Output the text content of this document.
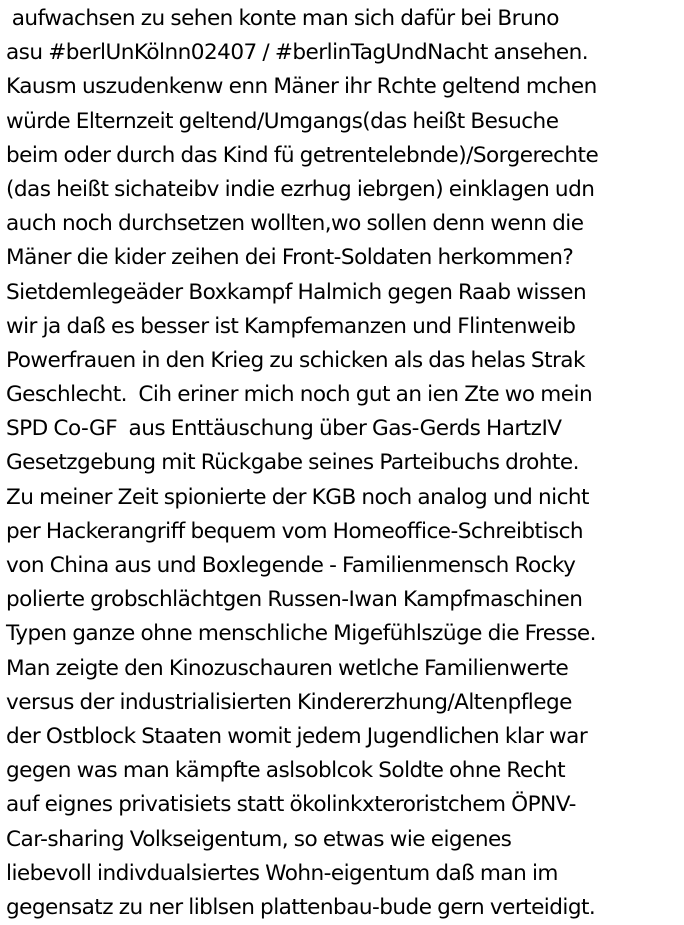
aufwachsen zu sehen konte man sich dafür bei Bruno
asu #berlUnKölnn02407 / #berlinTagUndNacht ansehen.
Kausm uszudenkenw enn Mäner ihr Rchte geltend mchen
würde Elternzeit geltend/Umgangs(das heißt Besuche
beim oder durch das Kind fü getrentelebnde)/Sorgerechte
(das heißt sichateibv indie ezrhug iebrgen) einklagen udn
auch noch durchsetzen wollten,wo sollen denn wenn die
Mäner die kider zeihen dei Front-Soldaten herkommen?
Sietdemlegeäder Boxkampf Halmich gegen Raab wissen
wir ja daß es besser ist Kampfemanzen und Flintenweib
Powerfrauen in den Krieg zu schicken als das helas Strak
Geschlecht.  Cih eriner mich noch gut an ien Zte wo mein
SPD Co-GF  aus Enttäuschung über Gas-Gerds HartzIV
Gesetzgebung mit Rückgabe seines Parteibuchs drohte.
Zu meiner Zeit spionierte der KGB noch analog und nicht
per Hackerangriff bequem vom Homeoffice-Schreibtisch
von China aus und Boxlegende - Familienmensch Rocky
polierte grobschlächtgen Russen-Iwan Kampfmaschinen
Typen ganze ohne menschliche Migefühlszüge die Fresse.
Man zeigte den Kinozuschauren wetlche Familienwerte
versus der industrialisierten Kindererzhung/Altenpflege
der Ostblock Staaten womit jedem Jugendlichen klar war
gegen was man kämpfte aslsoblcok Soldte ohne Recht
auf eignes privatisiets statt ökolinkxteroristchem ÖPNV-
Car-sharing Volkseigentum, so etwas wie eigenes
liebevoll indivdualsiertes Wohn-eigentum daß man im
gegensatz zu ner liblsen plattenbau-bude gern verteidigt.
